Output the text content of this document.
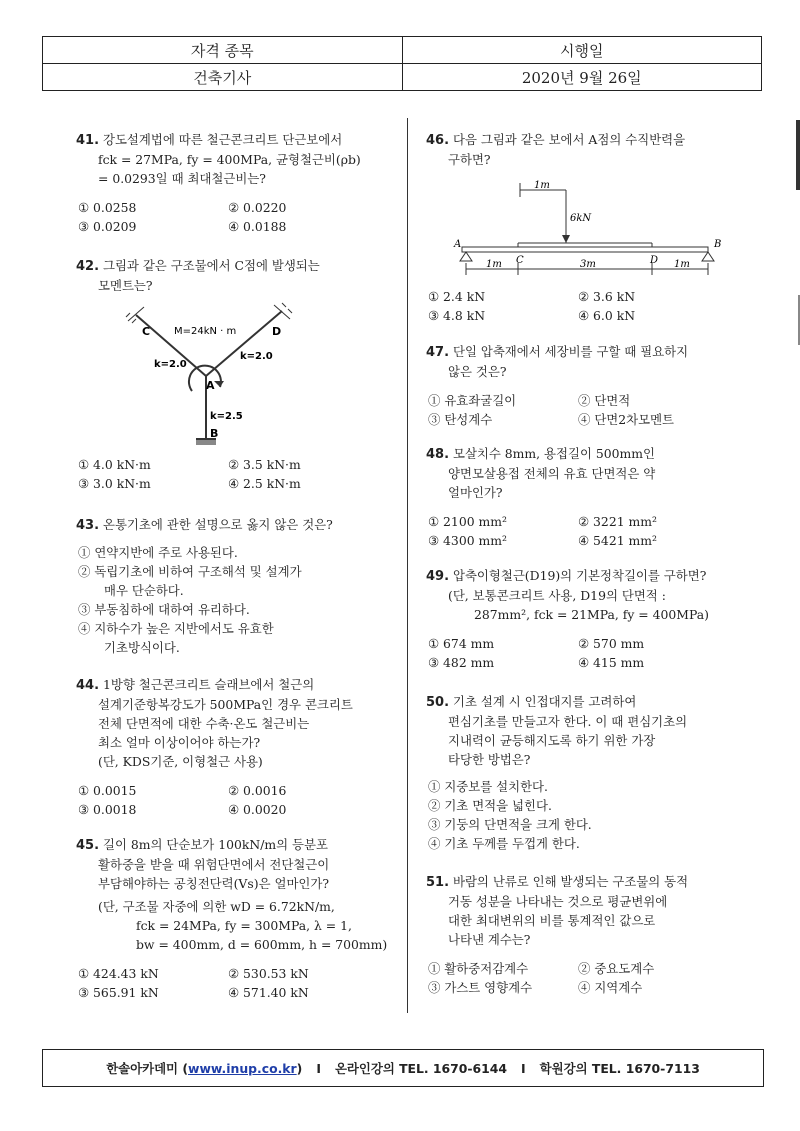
자격 종목	시행일
건축기사	2020년 9월 26일
41. 강도설계법에 따른 철근콘크리트 단근보에서
fck = 27MPa, fy = 400MPa, 균형철근비(ρb)
= 0.0293일 때 최대철근비는?
① 0.0258	② 0.0220
③ 0.0209	④ 0.0188
42. 그림과 같은 구조물에서 C점에 발생되는
모멘트는?
M=24kN · m
k=2.0
k=2.0
k=2.5
A
B
C	D
① 4.0 kN·m	② 3.5 kN·m
③ 3.0 kN·m	④ 2.5 kN·m
43. 온통기초에 관한 설명으로 옳지 않은 것은?
① 연약지반에 주로 사용된다.
② 독립기초에 비하여 구조해석 및 설계가
매우 단순하다.
③ 부동침하에 대하여 유리하다.
④ 지하수가 높은 지반에서도 유효한
기초방식이다.
44. 1방향 철근콘크리트 슬래브에서 철근의
설계기준항복강도가 500MPa인 경우 콘크리트
전체 단면적에 대한 수축·온도 철근비는
최소 얼마 이상이어야 하는가?
(단, KDS기준, 이형철근 사용)
① 0.0015	② 0.0016
③ 0.0018	④ 0.0020
45. 길이 8m의 단순보가 100kN/m의 등분포
활하중을 받을 때 위험단면에서 전단철근이
부담해야하는 공칭전단력(Vs)은 얼마인가?
(단, 구조물 자중에 의한 wD = 6.72kN/m,
fck = 24MPa, fy = 300MPa, λ = 1,
bw = 400mm, d = 600mm, h = 700mm)
① 424.43 kN	② 530.53 kN
③ 565.91 kN	④ 571.40 kN
46. 다음 그림과 같은 보에서 A점의 수직반력을
구하면?
1m
6kN
A	B
C	D
1m	3m	1m
① 2.4 kN	② 3.6 kN
③ 4.8 kN	④ 6.0 kN
47. 단일 압축재에서 세장비를 구할 때 필요하지
않은 것은?
① 유효좌굴길이	② 단면적
③ 탄성계수	④ 단면2차모멘트
48. 모살치수 8mm, 용접길이 500mm인
양면모살용접 전체의 유효 단면적은 약
얼마인가?
① 2100 mm²	② 3221 mm²
③ 4300 mm²	④ 5421 mm²
49. 압축이형철근(D19)의 기본정착길이를 구하면?
(단, 보통콘크리트 사용, D19의 단면적 :
287mm², fck = 21MPa, fy = 400MPa)
① 674 mm	② 570 mm
③ 482 mm	④ 415 mm
50. 기초 설계 시 인접대지를 고려하여
편심기초를 만들고자 한다. 이 때 편심기초의
지내력이 균등해지도록 하기 위한 가장
타당한 방법은?
① 지중보를 설치한다.
② 기초 면적을 넓힌다.
③ 기둥의 단면적을 크게 한다.
④ 기초 두께를 두껍게 한다.
51. 바람의 난류로 인해 발생되는 구조물의 동적
거동 성분을 나타내는 것으로 평균변위에
대한 최대변위의 비를 통계적인 값으로
나타낸 계수는?
① 활하중저감계수	② 중요도계수
③ 가스트 영향계수	④ 지역계수
한솔아카데미 (www.inup.co.kr) I 온라인강의 TEL. 1670-6144 I 학원강의 TEL. 1670-7113
